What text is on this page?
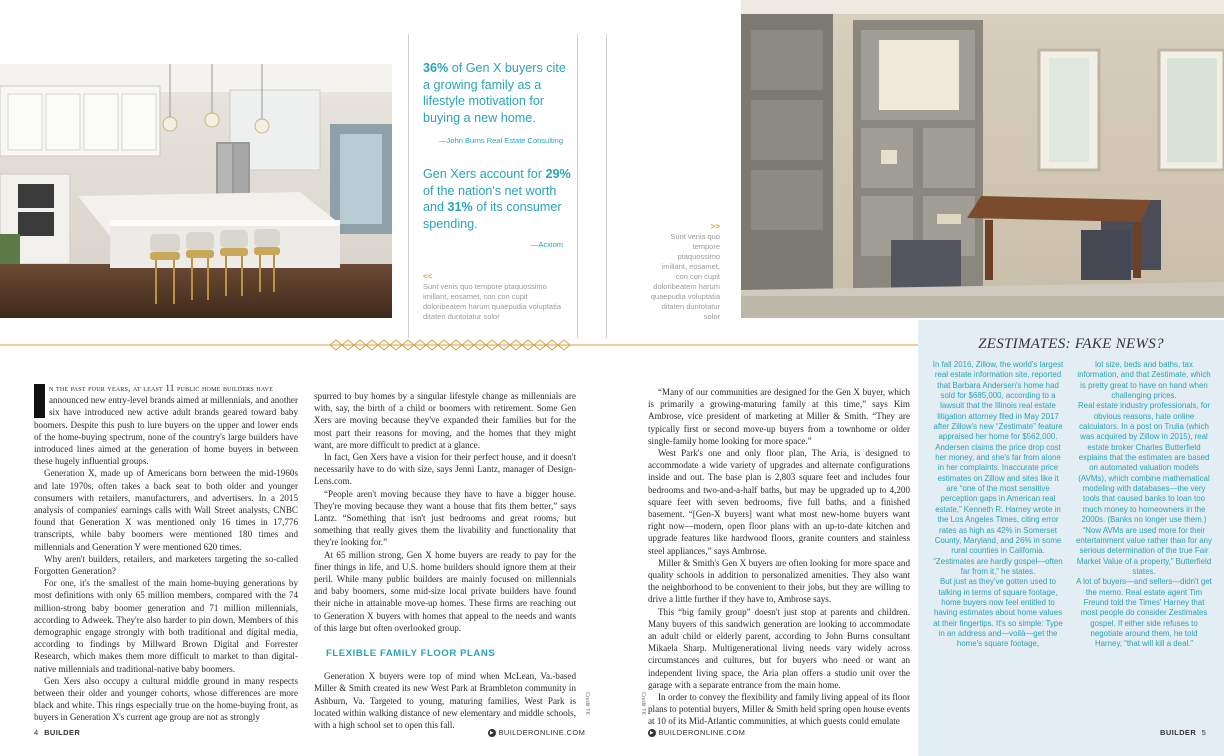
36% of Gen X buyers cite a growing family as a lifestyle motivation for buying a new home.
—John Burns Real Estate Consulting
Gen Xers account for 29% of the nation's net worth and 31% of its consumer spending.
—Acxiom
<<
Sunt venis quo tempore ptaquossimo imillant, eosamet, con con cupit doloribeatem harum quaepudia voluptatia ditaten duntotatur solor
>>
Sunt venis quo tempore ptaquossimo imillant, eosamet, con con cupit doloribeatem harum quaepudia voluptatia ditaten duntotatur solor

n the past four years, at least 11 public home builders have

announced new entry-level brands aimed at millennials, and another six have introduced new active adult brands geared toward baby boomers. Despite this push to lure buyers on the upper and lower ends of the home-buying spectrum, none of the country's large builders have introduced lines aimed at the generation of home buyers in between these hugely influential groups.

Generation X, made up of Americans born between the mid-1960s and late 1970s, often takes a back seat to both older and younger consumers with retailers, manufacturers, and advertisers. In a 2015 analysis of companies' earnings calls with Wall Street analysts, CNBC found that Generation X was mentioned only 16 times in 17,776 transcripts, while baby boomers were mentioned 180 times and millennials and Generation Y were mentioned 620 times.

Why aren't builders, retailers, and marketers targeting the so-called Forgotten Generation?

For one, it's the smallest of the main home-buying generations by most definitions with only 65 million members, compared with the 74 million-strong baby boomer generation and 71 million millennials, according to Adweek. They're also harder to pin down. Members of this demographic engage strongly with both traditional and digital media, according to findings by Millward Brown Digital and Forrester Research, which makes them more difficult to market to than digital-native millennials and traditional-native baby boomers.

Gen Xers also occupy a cultural middle ground in many respects between their older and younger cohorts, whose differences are more black and white. This rings especially true on the home-buying front, as buyers in Generation X's current age group are not as strongly

spurred to buy homes by a singular lifestyle change as millennials are with, say, the birth of a child or boomers with retirement. Some Gen Xers are moving because they've expanded their families but for the most part their reasons for moving, and the homes that they might want, are more difficult to predict at a glance.

In fact, Gen Xers have a vision for their perfect house, and it doesn't necessarily have to do with size, says Jenni Lantz, manager of Design-Lens.com.

“People aren't moving because they have to have a bigger house. They're moving because they want a house that fits them better,” says Lantz. “Something that isn't just bedrooms and great rooms, but something that really gives them the livability and functionality that they're looking for.”

At 65 million strong, Gen X home buyers are ready to pay for the finer things in life, and U.S. home builders should ignore them at their peril. While many public builders are mainly focused on millennials and baby boomers, some mid-size local private builders have found their niche in attainable move-up homes. These firms are reaching out to Generation X buyers with homes that appeal to the needs and wants of this large but often overlooked group.

FLEXIBLE FAMILY FLOOR PLANS

Generation X buyers were top of mind when McLean, Va.-based Miller & Smith created its new West Park at Brambleton community in Ashburn, Va. Targeted to young, maturing families, West Park is located within walking distance of new elementary and middle schools, with a high school set to open this fall.

Credit TK	Credit TK

“Many of our communities are designed for the Gen X buyer, which is primarily a growing-maturing family at this time,” says Kim Ambrose, vice president of marketing at Miller & Smith. “They are typically first or second move-up buyers from a townhome or older single-family home looking for more space.”

West Park's one and only floor plan, The Aria, is designed to accommodate a wide variety of upgrades and alternate configurations inside and out. The base plan is 2,803 square feet and includes four bedrooms and two-and-a-half baths, but may be upgraded up to 4,200 square feet with seven bedrooms, five full baths, and a finished basement. “[Gen-X buyers] want what most new-home buyers want right now—modern, open floor plans with an up-to-date kitchen and upgrade features like hardwood floors, granite counters and stainless steel appliances,” says Ambrose.

Miller & Smith's Gen X buyers are often looking for more space and quality schools in addition to personalized amenities. They also want the neighborhood to be convenient to their jobs, but they are willing to drive a little further if they have to, Ambrose says.

This “big family group” doesn't just stop at parents and children. Many buyers of this sandwich generation are looking to accommodate an adult child or elderly parent, according to John Burns consultant Mikaela Sharp. Multigenerational living needs vary widely across circumstances and cultures, but for buyers who need or want an independent living space, the Aria plan offers a studio unit over the garage with a separate entrance from the main home.

In order to convey the flexibility and family living appeal of its floor plans to potential buyers, Miller & Smith held spring open house events at 10 of its Mid-Atlantic communities, at which guests could emulate

ZESTIMATES: FAKE NEWS?

In fall 2016, Zillow, the world's largest real estate information site, reported that Barbara Andersen's home had sold for $685,000, according to a lawsuit that the Illinois real estate litigation attorney filed in May 2017 after Zillow's new “Zestimate” feature appraised her home for $562,000.

Andersen claims the price drop cost her money, and she's far from alone in her complaints. Inaccurate price estimates on Zillow and sites like it are “one of the most sensitive perception gaps in American real estate,” Kenneth R. Harney wrote in the Los Angeles Times, citing error rates as high as 42% in Somerset County, Maryland, and 26% in some rural counties in California. “Zestimates are hardly gospel—often far from it,” he states.

But just as they've gotten used to talking in terms of square footage, home buyers now feel entitled to having estimates about home values at their fingertips. It's so simple: Type in an address and—voilà—get the home's square footage,

lot size, beds and baths, tax information, and that Zestimate, which is pretty great to have on hand when challenging prices.

Real estate industry professionals, for obvious reasons, hate online calculators. In a post on Trulia (which was acquired by Zillow in 2015), real estate broker Charles Butterfield explains that the estimates are based on automated valuation models (AVMs), which combine mathematical modeling with databases—the very tools that caused banks to loan too much money to homeowners in the 2000s. (Banks no longer use them.)

“Now AVMs are used more for their entertainment value rather than for any serious determination of the true Fair Market Value of a property,” Butterfield states.

A lot of buyers—and sellers—didn't get the memo. Real estate agent Tim Freund told the Times' Harney that most people do consider Zestimates gospel. If either side refuses to negotiate around them, he told Harney, “that will kill a deal.”

4 BUILDER	▶ BUILDERONLINE.COM	▶ BUILDERONLINE.COM	BUILDER 5
